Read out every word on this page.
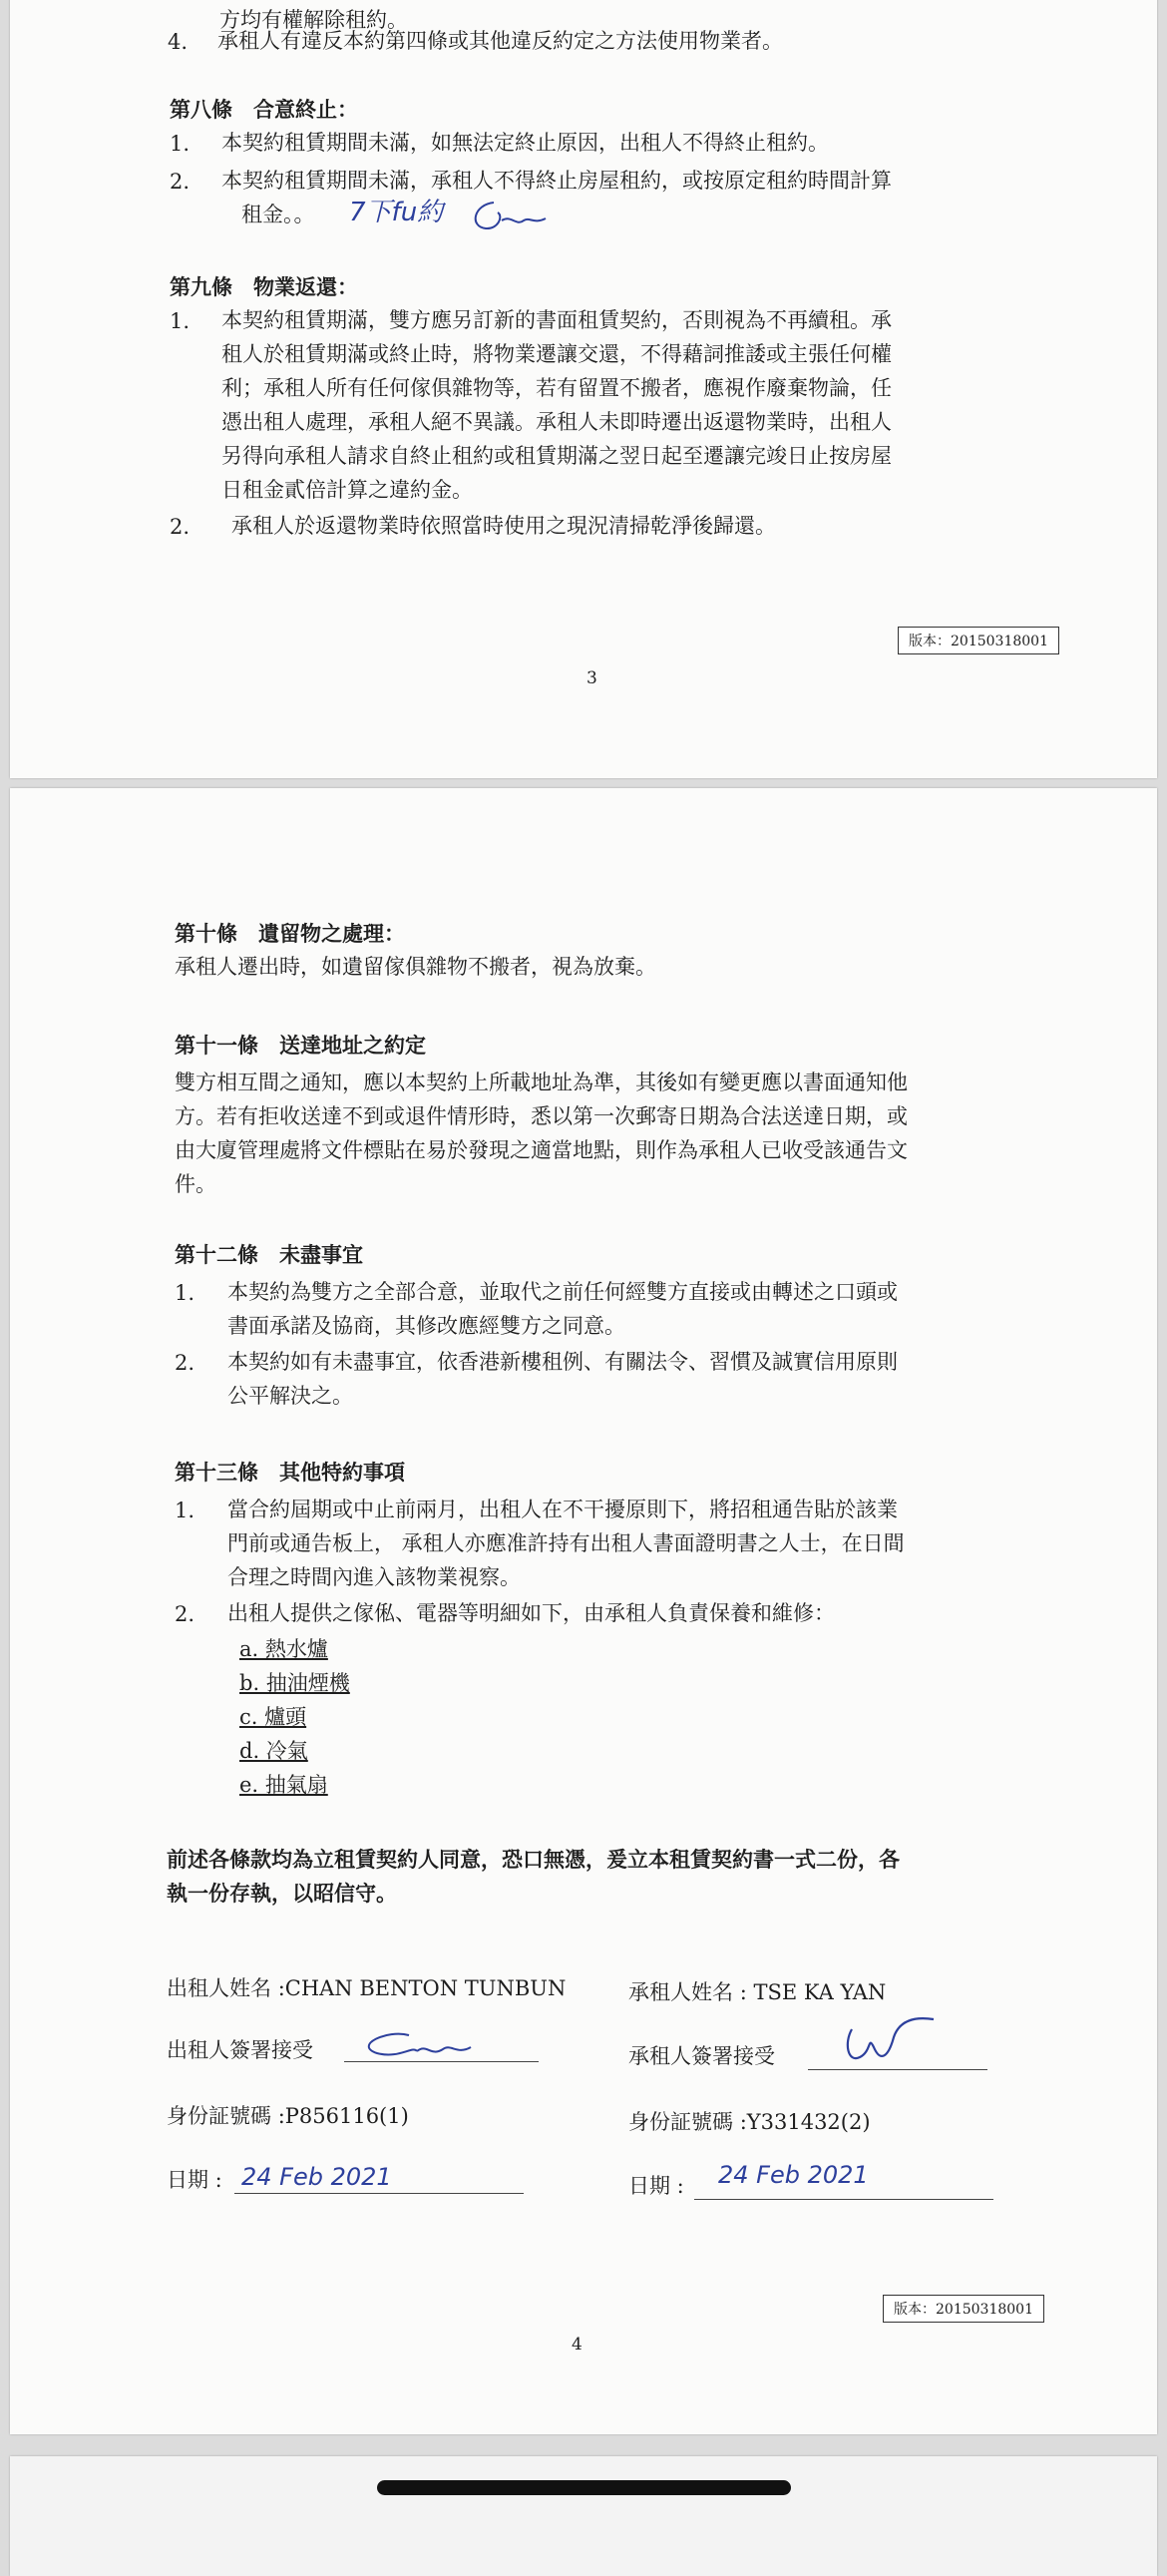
方均有權解除租約。
4. 承租人有違反本約第四條或其他違反約定之方法使用物業者。
第八條　合意終止：
1. 本契約租賃期間未滿，如無法定終止原因，出租人不得終止租約。
2. 本契約租賃期間未滿，承租人不得終止房屋租約，或按原定租約時間計算
租金。。 7下fu約
第九條　物業返還：
1. 本契約租賃期滿，雙方應另訂新的書面租賃契約，否則視為不再續租。承
租人於租賃期滿或終止時，將物業遷讓交還，不得藉詞推諉或主張任何權
利；承租人所有任何傢俱雜物等，若有留置不搬者，應視作廢棄物論，任
憑出租人處理，承租人絕不異議。承租人未即時遷出返還物業時，出租人
另得向承租人請求自終止租約或租賃期滿之翌日起至遷讓完竣日止按房屋
日租金貳倍計算之違約金。
2. 承租人於返還物業時依照當時使用之現況清掃乾淨後歸還。
版本：20150318001
3
第十條　遺留物之處理：
承租人遷出時，如遺留傢俱雜物不搬者，視為放棄。
第十一條　送達地址之約定
雙方相互間之通知，應以本契約上所載地址為準，其後如有變更應以書面通知他
方。若有拒收送達不到或退件情形時，悉以第一次郵寄日期為合法送達日期，或
由大廈管理處將文件標貼在易於發現之適當地點，則作為承租人已收受該通告文
件。
第十二條　未盡事宜
1. 本契約為雙方之全部合意，並取代之前任何經雙方直接或由轉述之口頭或
書面承諾及協商，其修改應經雙方之同意。
2. 本契約如有未盡事宜，依香港新樓租例、有關法令、習慣及誠實信用原則
公平解決之。
第十三條　其他特約事項
1. 當合約屆期或中止前兩月，出租人在不干擾原則下，將招租通告貼於該業
門前或通告板上， 承租人亦應准許持有出租人書面證明書之人士，在日間
合理之時間內進入該物業視察。
2. 出租人提供之傢俬、電器等明細如下，由承租人負責保養和維修：
a. 熱水爐
b. 抽油煙機
c. 爐頭
d. 冷氣
e. 抽氣扇
前述各條款均為立租賃契約人同意，恐口無憑，爰立本租賃契約書一式二份，各
執一份存執，以昭信守。
出租人姓名 :CHAN BENTON TUNBUN
出租人簽署接受
身份証號碼 :P856116(1)
日期 : 24 Feb 2021
承租人姓名 : TSE KA YAN
承租人簽署接受
身份証號碼 :Y331432(2)
日期 : 24 Feb 2021
版本：20150318001
4
